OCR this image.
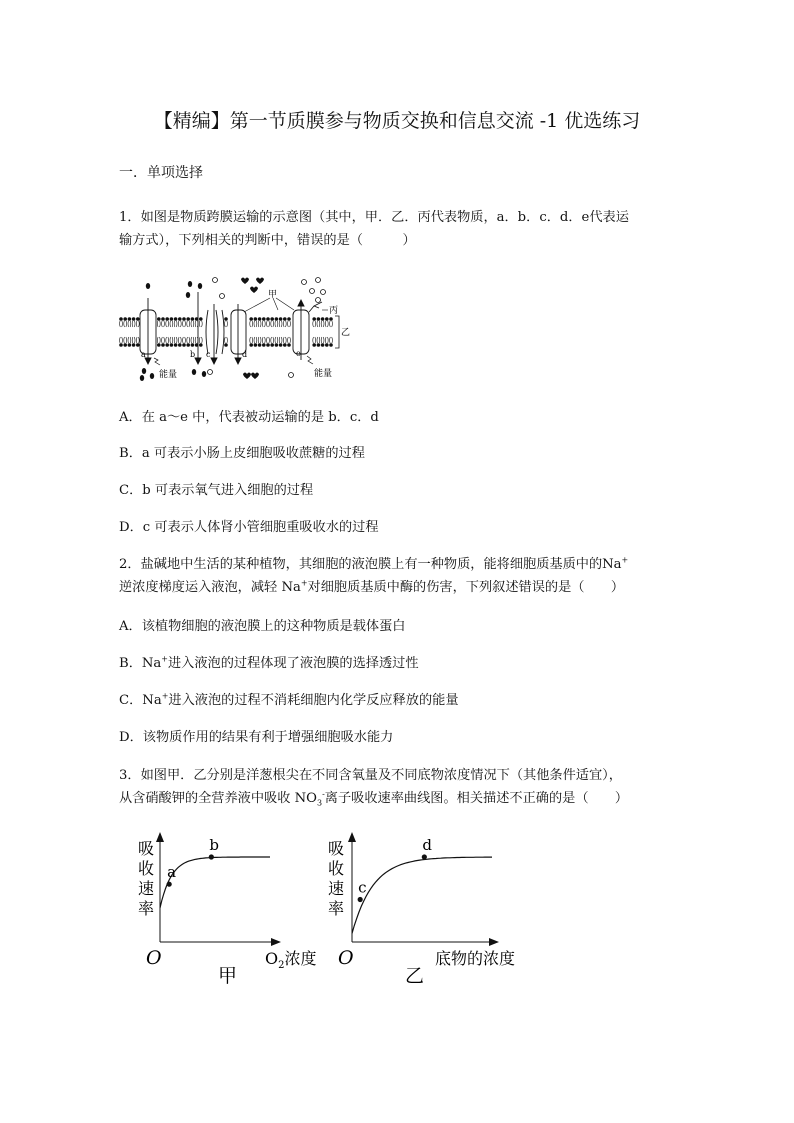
【精编】第一节质膜参与物质交换和信息交流 -1 优选练习
一．单项选择
1．如图是物质跨膜运输的示意图（其中，甲．乙．丙代表物质，a．b．c．d．e代表运
输方式），下列相关的判断中，错误的是（　　　）
甲
丙
乙
a	b c	d	e
能量	能量
A．在 a～e 中，代表被动运输的是 b．c．d
B．a 可表示小肠上皮细胞吸收蔗糖的过程
C．b 可表示氧气进入细胞的过程
D．c 可表示人体肾小管细胞重吸收水的过程
2．盐碱地中生活的某种植物，其细胞的液泡膜上有一种物质，能将细胞质基质中的Na+
逆浓度梯度运入液泡，减轻 Na+对细胞质基质中酶的伤害，下列叙述错误的是（　　）
A．该植物细胞的液泡膜上的这种物质是载体蛋白
B．Na+进入液泡的过程体现了液泡膜的选择透过性
C．Na+进入液泡的过程不消耗细胞内化学反应释放的能量
D．该物质作用的结果有利于增强细胞吸水能力
3．如图甲．乙分别是洋葱根尖在不同含氧量及不同底物浓度情况下（其他条件适宜），
从含硝酸钾的全营养液中吸收 $NO_3^-$离子吸收速率曲线图。相关描述不正确的是（　　）
吸
收
速
率
a
b
O	$O_2$浓度
甲
吸
收
速
率
c
d
O	底物的浓度
乙
